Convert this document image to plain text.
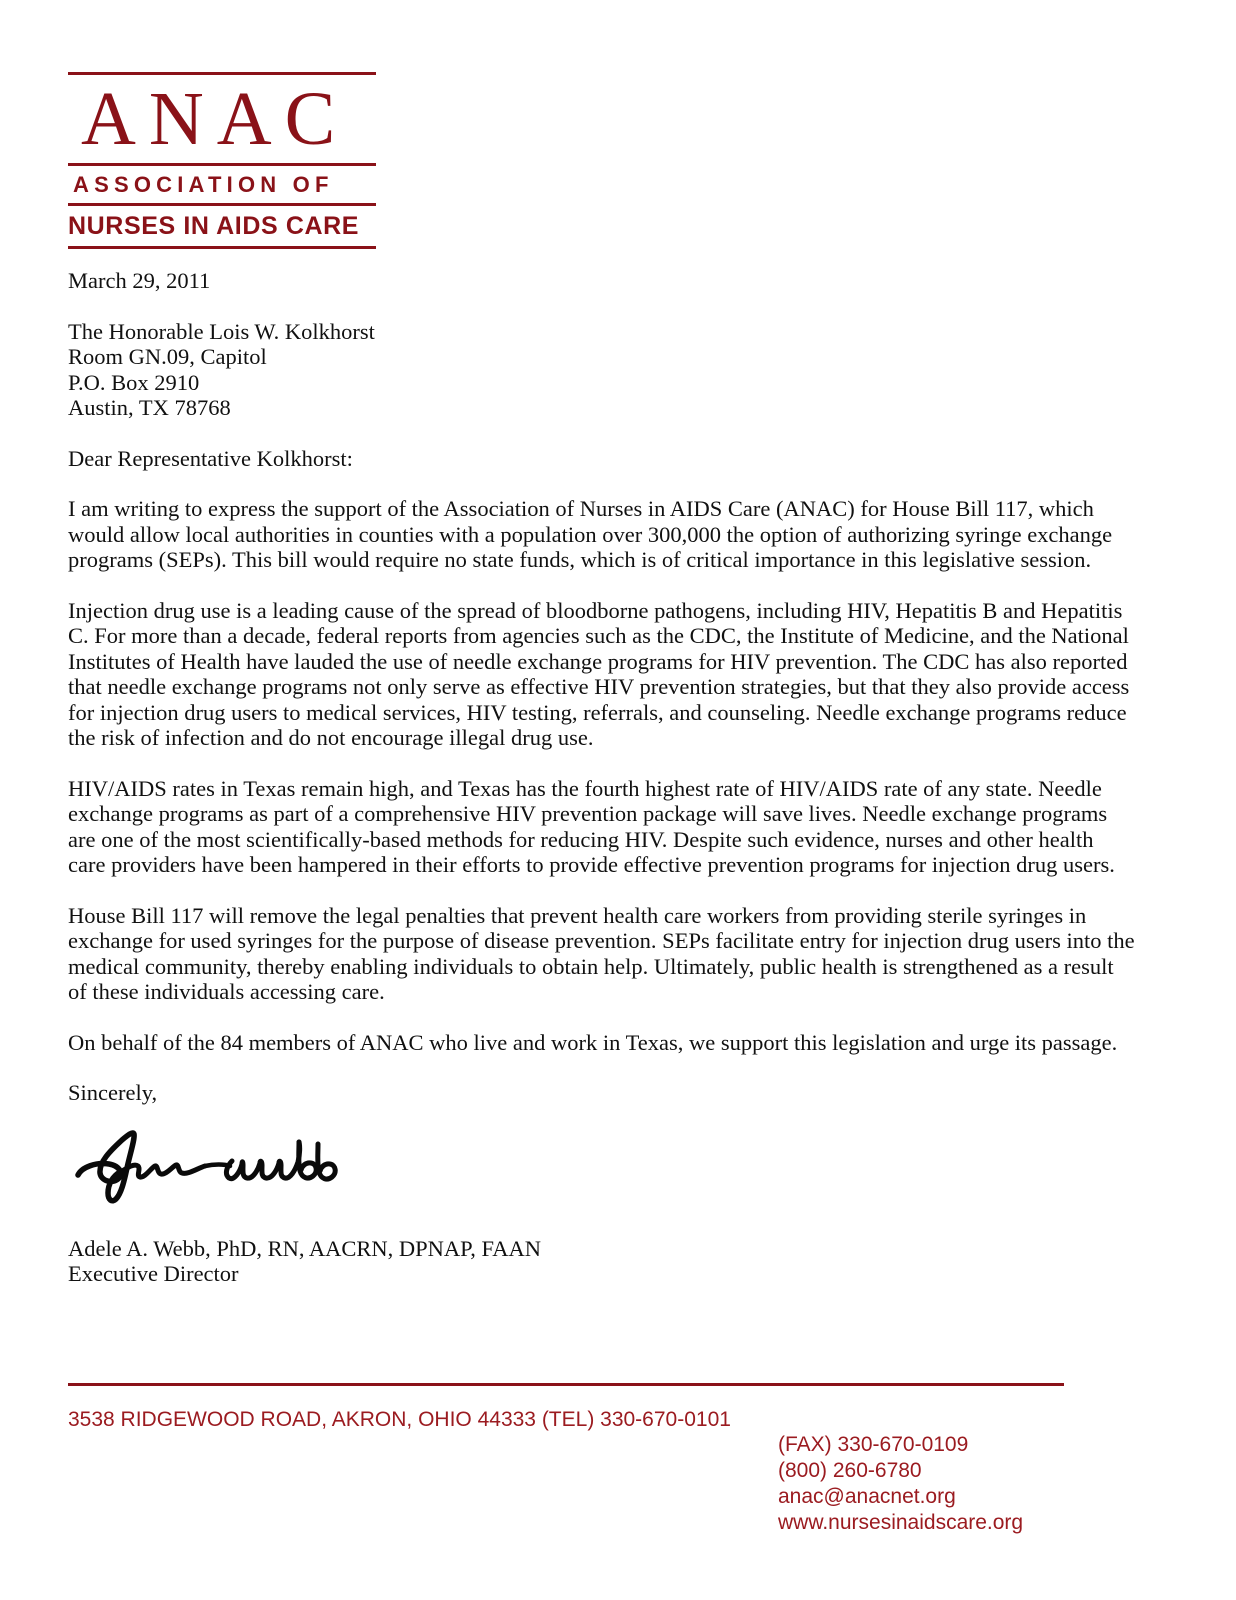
ANAC
ASSOCIATION OF
NURSES IN AIDS CARE
March 29, 2011
The Honorable Lois W. Kolkhorst
Room GN.09, Capitol
P.O. Box 2910
Austin, TX 78768
Dear Representative Kolkhorst:

I am writing to express the support of the Association of Nurses in AIDS Care (ANAC) for House Bill 117, which would allow local authorities in counties with a population over 300,000 the option of authorizing syringe exchange programs (SEPs). This bill would require no state funds, which is of critical importance in this legislative session.

Injection drug use is a leading cause of the spread of bloodborne pathogens, including HIV, Hepatitis B and Hepatitis C. For more than a decade, federal reports from agencies such as the CDC, the Institute of Medicine, and the National Institutes of Health have lauded the use of needle exchange programs for HIV prevention. The CDC has also reported that needle exchange programs not only serve as effective HIV prevention strategies, but that they also provide access for injection drug users to medical services, HIV testing, referrals, and counseling. Needle exchange programs reduce the risk of infection and do not encourage illegal drug use.

HIV/AIDS rates in Texas remain high, and Texas has the fourth highest rate of HIV/AIDS rate of any state. Needle exchange programs as part of a comprehensive HIV prevention package will save lives. Needle exchange programs are one of the most scientifically-based methods for reducing HIV. Despite such evidence, nurses and other health care providers have been hampered in their efforts to provide effective prevention programs for injection drug users.

House Bill 117 will remove the legal penalties that prevent health care workers from providing sterile syringes in exchange for used syringes for the purpose of disease prevention. SEPs facilitate entry for injection drug users into the medical community, thereby enabling individuals to obtain help. Ultimately, public health is strengthened as a result of these individuals accessing care.

On behalf of the 84 members of ANAC who live and work in Texas, we support this legislation and urge its passage.

Sincerely,
Adele A. Webb, PhD, RN, AACRN, DPNAP, FAAN
Executive Director
3538 RIDGEWOOD ROAD, AKRON, OHIO 44333 (TEL) 330-670-0101
(FAX) 330-670-0109
(800) 260-6780
anac@anacnet.org
www.nursesinaidscare.org
